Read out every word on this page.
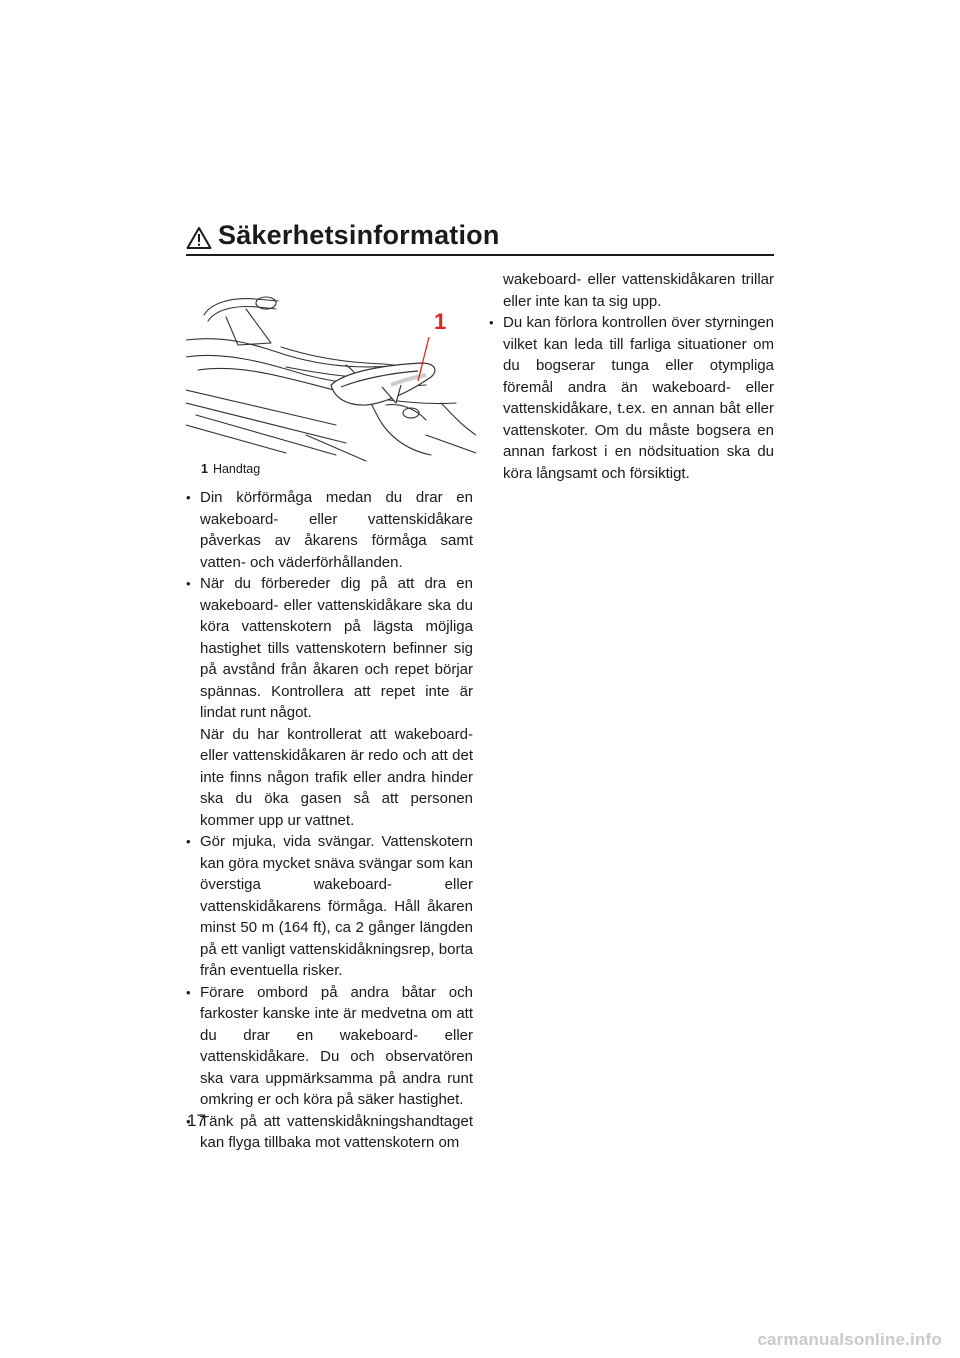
Säkerhetsinformation
1
1 Handtag
• Din körförmåga medan du drar en wakeboard- eller vattenskidåkare påverkas av åkarens förmåga samt vatten- och väderförhållanden.
• När du förbereder dig på att dra en wakeboard- eller vattenskidåkare ska du köra vattenskotern på lägsta möjliga hastighet tills vattenskotern befinner sig på avstånd från åkaren och repet börjar spännas. Kontrollera att repet inte är lindat runt något.
När du har kontrollerat att wakeboard- eller vattenskidåkaren är redo och att det inte finns någon trafik eller andra hinder ska du öka gasen så att personen kommer upp ur vattnet.
• Gör mjuka, vida svängar. Vattenskotern kan göra mycket snäva svängar som kan överstiga wakeboard- eller vattenskidåkarens förmåga. Håll åkaren minst 50 m (164 ft), ca 2 gånger längden på ett vanligt vattenskidåkningsrep, borta från eventuella risker.
• Förare ombord på andra båtar och farkoster kanske inte är medvetna om att du drar en wakeboard- eller vattenskidåkare. Du och observatören ska vara uppmärksamma på andra runt omkring er och köra på säker hastighet.
• Tänk på att vattenskidåkningshandtaget kan flyga tillbaka mot vattenskotern om
wakeboard- eller vattenskidåkaren trillar eller inte kan ta sig upp.
• Du kan förlora kontrollen över styrningen vilket kan leda till farliga situationer om du bogserar tunga eller otympliga föremål andra än wakeboard- eller vattenskidåkare, t.ex. en annan båt eller vattenskoter. Om du måste bogsera en annan farkost i en nödsituation ska du köra långsamt och försiktigt.
17
carmanualsonline.info
